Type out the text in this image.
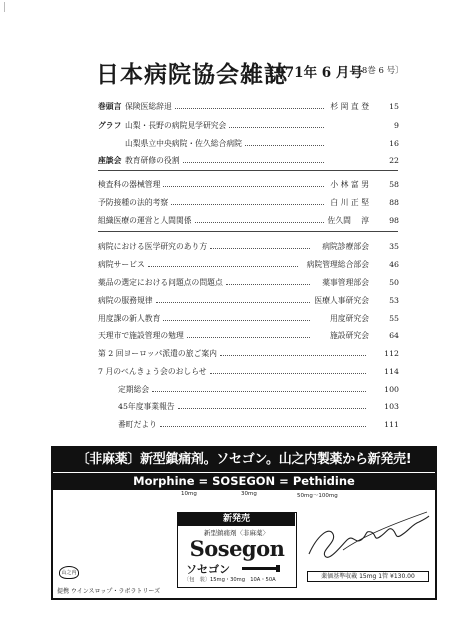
日本病院協会雑誌
1971年 6 月号
〔18巻 6 号〕
巻頭言 保険医総辞退	杉 岡 直 登	15
グラフ 山梨・長野の病院見学研究会	9
山梨県立中央病院・佐久総合病院	16
座談会 教育研修の役割	22
検査科の器械管理	小 林 富 男	58
予防接種の法的考察	白 川 正 堅	88
組織医療の運営と人間関係	佐久間 　淳	98
病院における医学研究のあり方	病院診療部会	35
病院サービス	病院管理総合部会	46
薬品の選定における问題点の問題点	薬事管理部会	50
病院の服務規律	医療人事研究会	53
用度課の新人教育	用度研究会	55
天理市で施設管理の勉理	施設研究会	64
第 2 回ヨーロッパ派遣の旅ご案内	112
7 月のべんきょう会のおしらせ	114
定期総会	100
45年度事業報告	103
番町だより	111
〔非麻薬〕新型鎮痛剤。ソセゴン。山之内製薬から新発売!
Morphine = SOSEGON = Pethidine
10mg	30mg	50mg～100mg
山之内
提携 ウインスロップ・ラボラトリーズ
新発売
新型鎮痛剤〈非麻薬〉
Sosegon
ソセゴン
〔包　装〕15mg・30mg　10A・50A	薬価基準収載 15mg 1管 ¥130.00
